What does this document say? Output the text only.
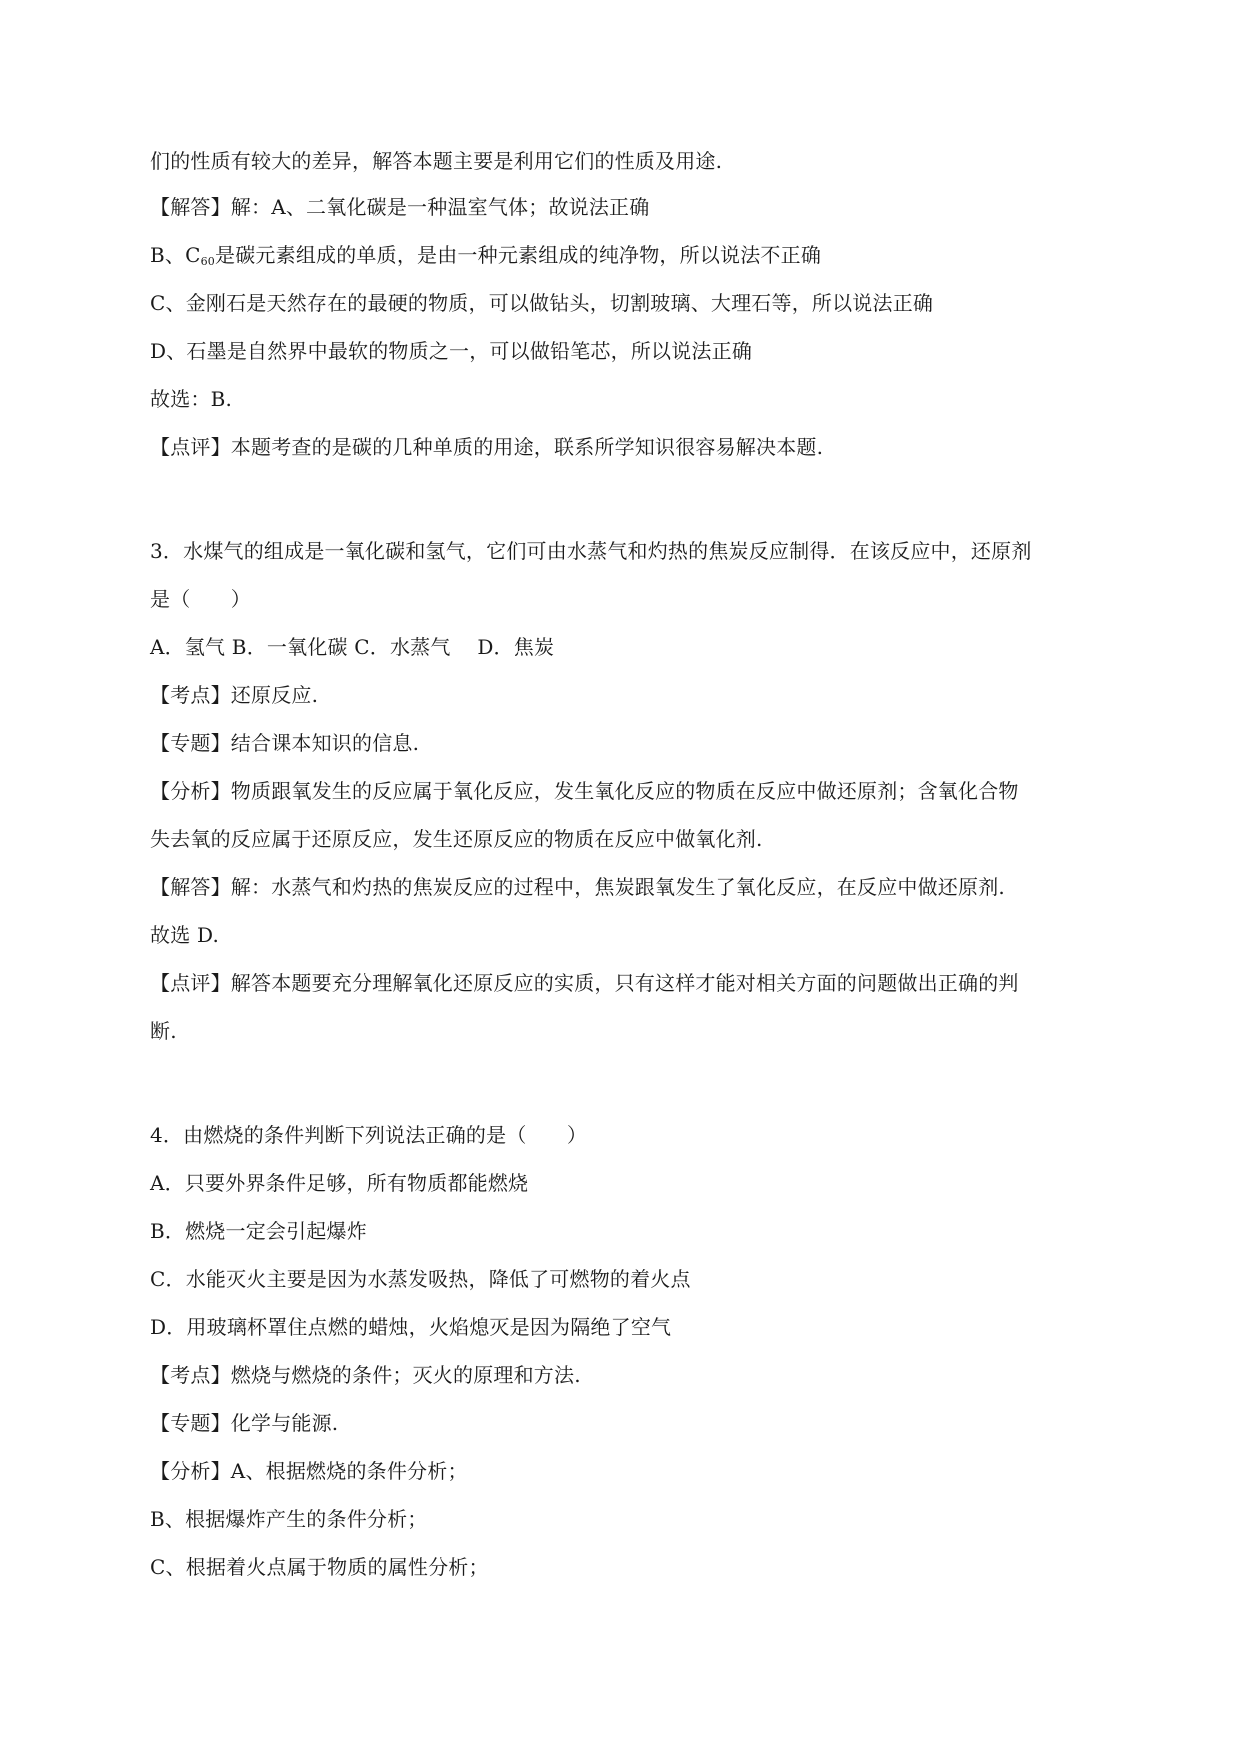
们的性质有较大的差异，解答本题主要是利用它们的性质及用途.
【解答】解：A、二氧化碳是一种温室气体；故说法正确
B、$C_{60}$是碳元素组成的单质，是由一种元素组成的纯净物，所以说法不正确
C、金刚石是天然存在的最硬的物质，可以做钻头，切割玻璃、大理石等，所以说法正确
D、石墨是自然界中最软的物质之一，可以做铅笔芯，所以说法正确
故选：B.
【点评】本题考查的是碳的几种单质的用途，联系所学知识很容易解决本题.
3．水煤气的组成是一氧化碳和氢气，它们可由水蒸气和灼热的焦炭反应制得．在该反应中，还原剂
是（　　）
A．氢气 B．一氧化碳 C．水蒸气　 D．焦炭
【考点】还原反应.
【专题】结合课本知识的信息.
【分析】物质跟氧发生的反应属于氧化反应，发生氧化反应的物质在反应中做还原剂；含氧化合物
失去氧的反应属于还原反应，发生还原反应的物质在反应中做氧化剂.
【解答】解：水蒸气和灼热的焦炭反应的过程中，焦炭跟氧发生了氧化反应，在反应中做还原剂.
故选 D.
【点评】解答本题要充分理解氧化还原反应的实质，只有这样才能对相关方面的问题做出正确的判
断.
4．由燃烧的条件判断下列说法正确的是（　　）
A．只要外界条件足够，所有物质都能燃烧
B．燃烧一定会引起爆炸
C．水能灭火主要是因为水蒸发吸热，降低了可燃物的着火点
D．用玻璃杯罩住点燃的蜡烛，火焰熄灭是因为隔绝了空气
【考点】燃烧与燃烧的条件；灭火的原理和方法.
【专题】化学与能源.
【分析】A、根据燃烧的条件分析；
B、根据爆炸产生的条件分析；
C、根据着火点属于物质的属性分析；
